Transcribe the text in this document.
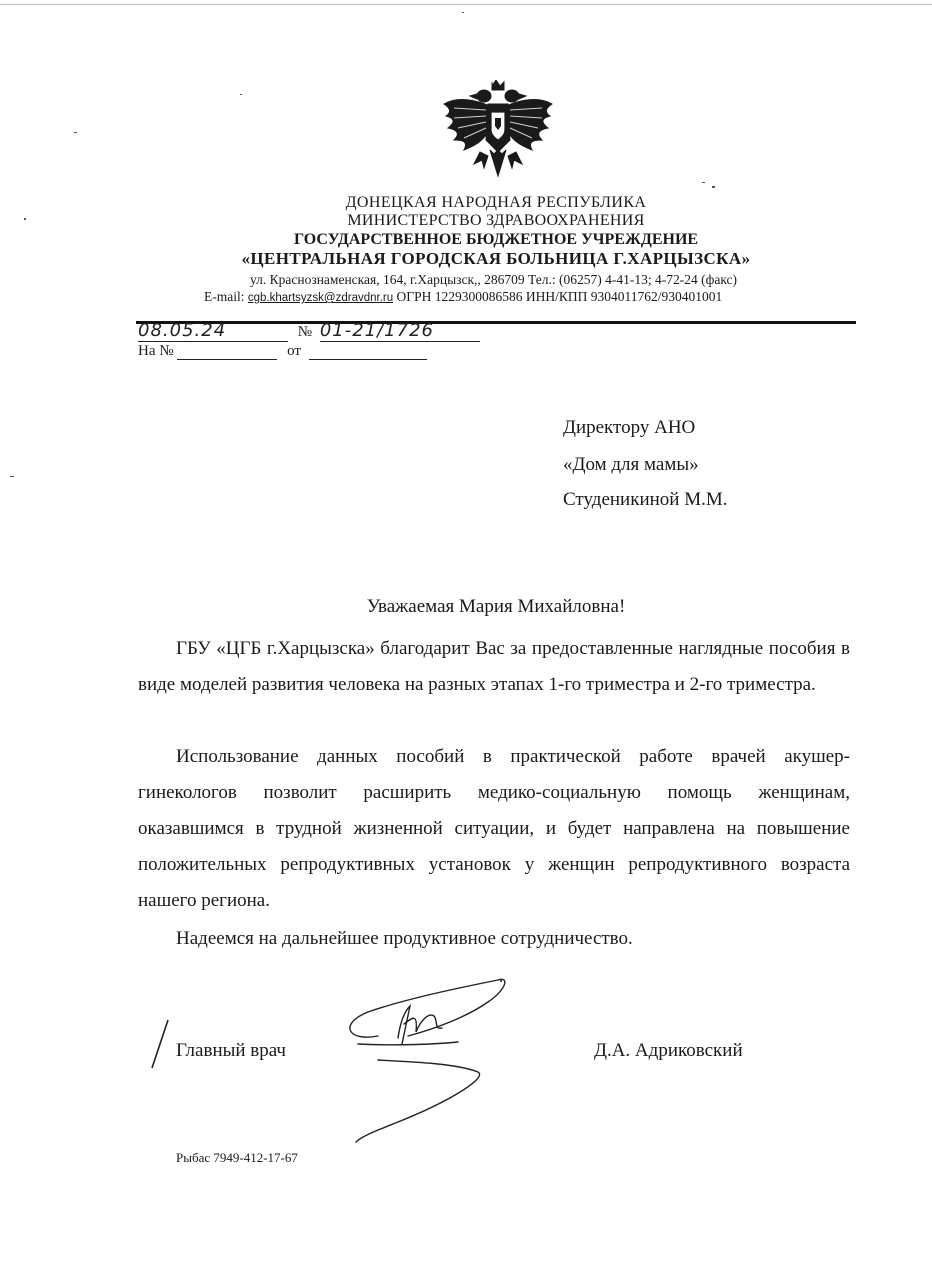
ДОНЕЦКАЯ НАРОДНАЯ РЕСПУБЛИКА
МИНИСТЕРСТВО ЗДРАВООХРАНЕНИЯ
ГОСУДАРСТВЕННОЕ БЮДЖЕТНОЕ УЧРЕЖДЕНИЕ
«ЦЕНТРАЛЬНАЯ ГОРОДСКАЯ БОЛЬНИЦА Г.ХАРЦЫЗСКА»
ул. Краснознаменская, 164, г.Харцызск,, 286709 Тел.: (06257) 4-41-13; 4-72-24 (факс)
E-mail: cgb.khartsyzsk@zdravdnr.ru ОГРН 1229300086586 ИНН/КПП 9304011762/930401001
08.05.24	№ 01-21/1726
На №	от
Директору АНО
«Дом для мамы»
Студеникиной М.М.
Уважаемая Мария Михайловна!
ГБУ «ЦГБ г.Харцызска» благодарит Вас за предоставленные наглядные пособия в виде моделей развития человека на разных этапах 1-го триместра и 2-го триместра.
Использование данных пособий в практической работе врачей акушер-гинекологов позволит расширить медико-социальную помощь женщинам, оказавшимся в трудной жизненной ситуации, и будет направлена на повышение положительных репродуктивных установок у женщин репродуктивного возраста нашего региона.
Надеемся на дальнейшее продуктивное сотрудничество.
Главный врач	Д.А. Адриковский
Рыбас 7949-412-17-67
